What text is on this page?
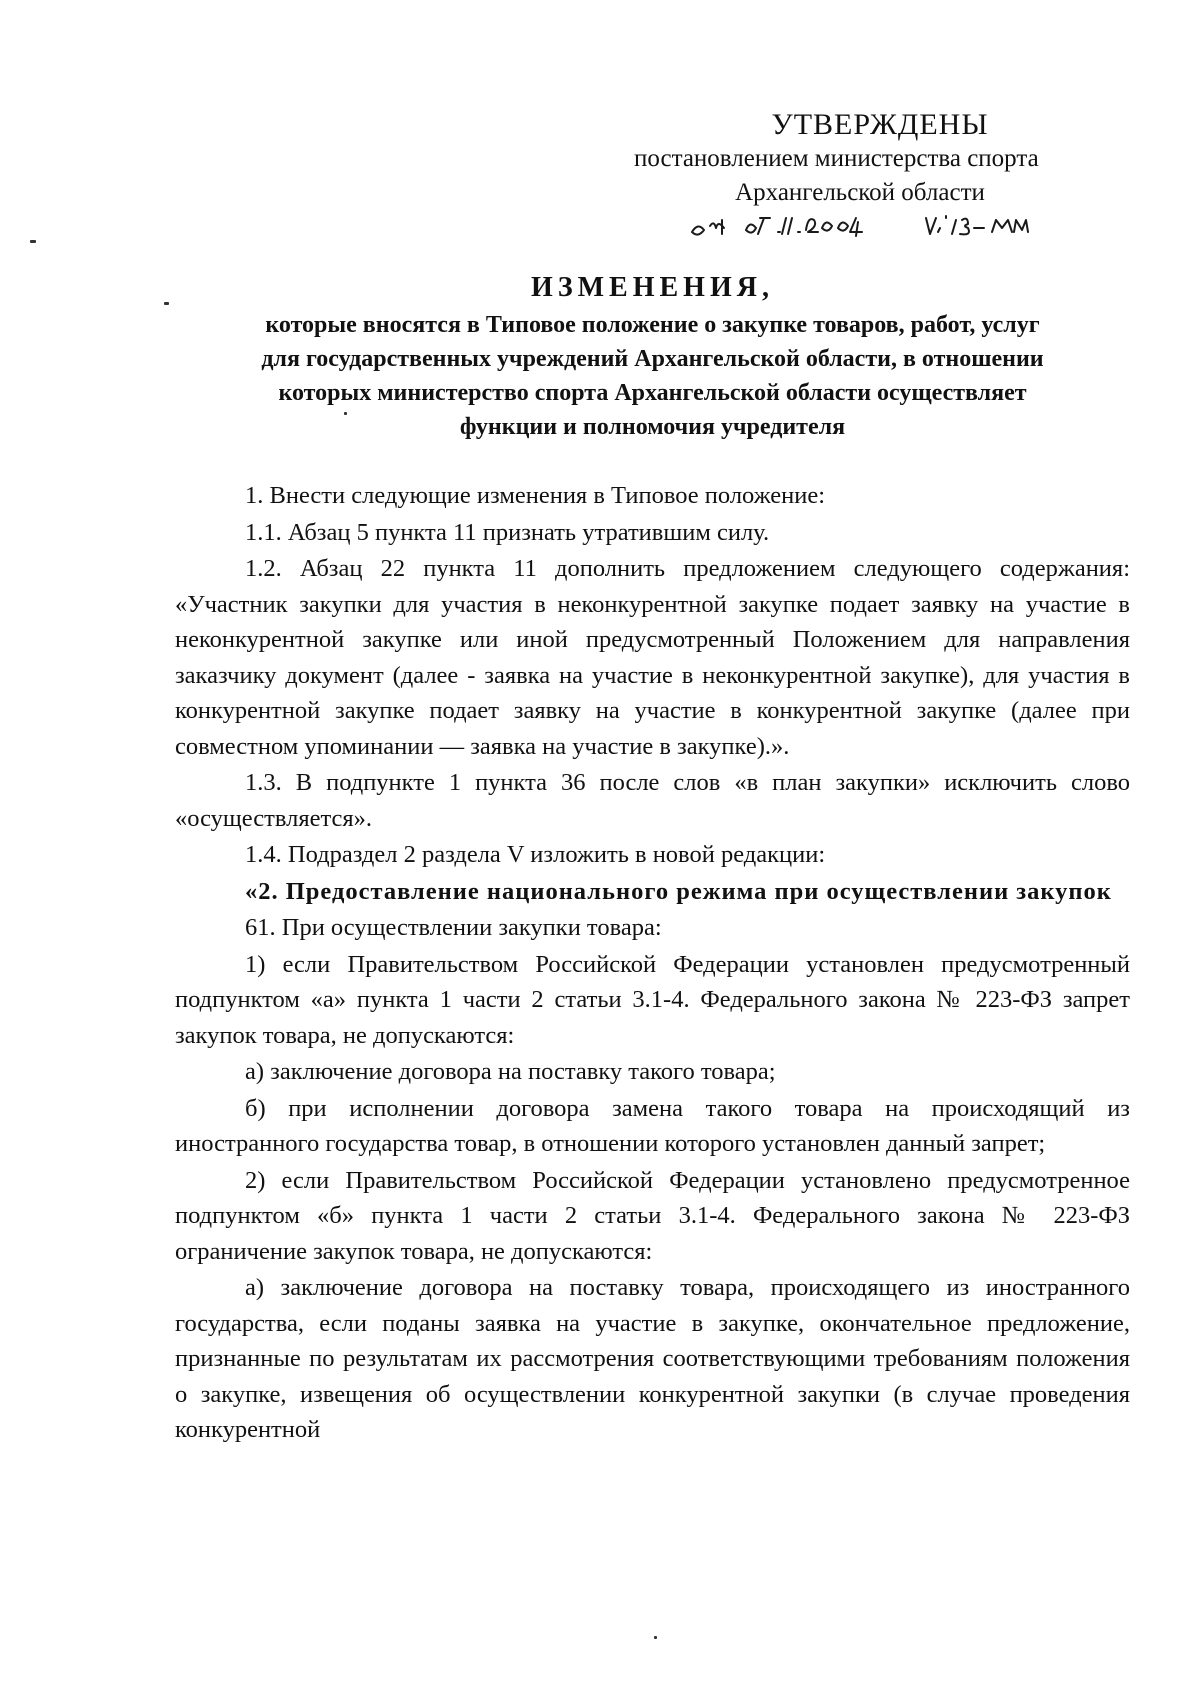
УТВЕРЖДЕНЫ
постановлением министерства спорта
Архангельской области
ИЗМЕНЕНИЯ,
которые вносятся в Типовое положение о закупке товаров, работ, услуг
для государственных учреждений Архангельской области, в отношении
которых министерство спорта Архангельской области осуществляет
функции и полномочия учредителя

1. Внести следующие изменения в Типовое положение:

1.1. Абзац 5 пункта 11 признать утратившим силу.

1.2. Абзац 22 пункта 11 дополнить предложением следующего содержания: «Участник закупки для участия в неконкурентной закупке подает заявку на участие в неконкурентной закупке или иной предусмотренный Положением для направления заказчику документ (далее - заявка на участие в неконкурентной закупке), для участия в конкурентной закупке подает заявку на участие в конкурентной закупке (далее при совместном упоминании — заявка на участие в закупке).».

1.3. В подпункте 1 пункта 36 после слов «в план закупки» исключить слово «осуществляется».

1.4. Подраздел 2 раздела V изложить в новой редакции:

«2. Предоставление национального режима при осуществлении закупок

61. При осуществлении закупки товара:

1) если Правительством Российской Федерации установлен предусмотренный подпунктом «а» пункта 1 части 2 статьи 3.1-4. Федерального закона № 223-ФЗ запрет закупок товара, не допускаются:

а) заключение договора на поставку такого товара;

б) при исполнении договора замена такого товара на происходящий из иностранного государства товар, в отношении которого установлен данный запрет;

2) если Правительством Российской Федерации установлено предусмотренное подпунктом «б» пункта 1 части 2 статьи 3.1-4. Федерального закона № 223-ФЗ ограничение закупок товара, не допускаются:

а) заключение договора на поставку товара, происходящего из иностранного государства, если поданы заявка на участие в закупке, окончательное предложение, признанные по результатам их рассмотрения соответствующими требованиям положения о закупке, извещения об осуществлении конкурентной закупки (в случае проведения конкурентной
